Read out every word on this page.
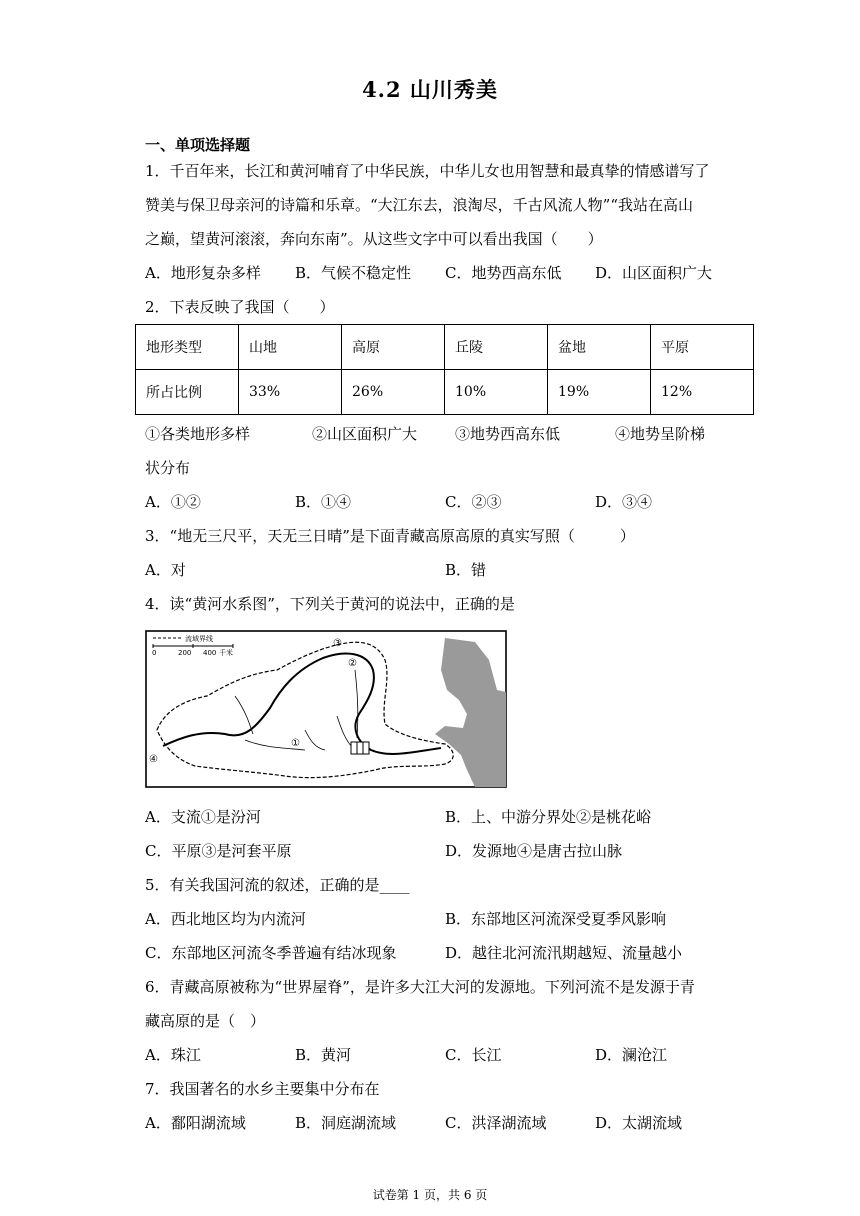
4.2 山川秀美
一、单项选择题
1．千百年来，长江和黄河哺育了中华民族，中华儿女也用智慧和最真挚的情感谱写了
赞美与保卫母亲河的诗篇和乐章。“大江东去，浪淘尽，千古风流人物”“我站在高山
之巅，望黄河滚滚，奔向东南”。从这些文字中可以看出我国（　　）
A．地形复杂多样 B．气候不稳定性 C．地势西高东低 D．山区面积广大
2．下表反映了我国（　　）
地形类型	山地	高原	丘陵	盆地	平原
所占比例	33%	26%	10%	19%	12%
①各类地形多样	②山区面积广大	③地势西高东低	④地势呈阶梯
状分布
A．①②	B．①④	C．②③	D．③④
3．“地无三尺平，天无三日晴”是下面青藏高原高原的真实写照（　　　）
A．对	B．错
4．读“黄河水系图”，下列关于黄河的说法中，正确的是
流域界线
0	200 400 千米
①
②
③
④
A．支流①是汾河	B．上、中游分界处②是桃花峪
C．平原③是河套平原	D．发源地④是唐古拉山脉
5．有关我国河流的叙述，正确的是____
A．西北地区均为内流河	B．东部地区河流深受夏季风影响
C．东部地区河流冬季普遍有结冰现象	D．越往北河流汛期越短、流量越小
6．青藏高原被称为“世界屋脊”，是许多大江大河的发源地。下列河流不是发源于青
藏高原的是（　）
A．珠江	B．黄河	C．长江	D．澜沧江
7．我国著名的水乡主要集中分布在
A．鄱阳湖流域	B．洞庭湖流域	C．洪泽湖流域	D．太湖流域
试卷第 1 页，共 6 页
